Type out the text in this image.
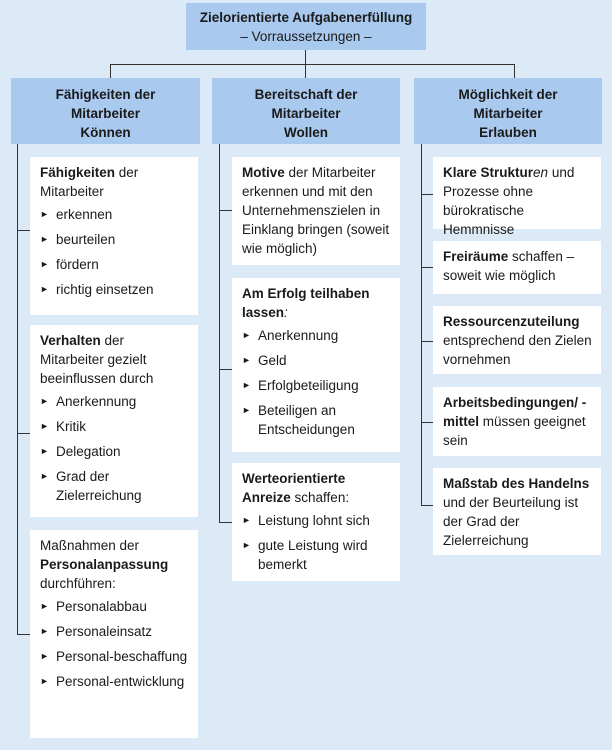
Zielorientierte Aufgabenerfüllung
– Vorraussetzungen –
Fähigkeiten der
Mitarbeiter
Können
Bereitschaft der
Mitarbeiter
Wollen
Möglichkeit der
Mitarbeiter
Erlauben
Fähigkeiten der Mitarbeiter
► erkennen
► beurteilen
► fördern
► richtig einsetzen
Verhalten der Mitarbeiter gezielt beeinflussen durch
► Anerkennung
► Kritik
► Delegation
► Grad der Zielerreichung
Maßnahmen der Personalanpassung durchführen:
► Personalabbau
► Personaleinsatz
► Personal-beschaffung
► Personal-entwicklung
Motive der Mitarbeiter erkennen und mit den Unternehmenszielen in Einklang bringen (soweit wie möglich)
Am Erfolg teilhaben lassen:
► Anerkennung
► Geld
► Erfolgbeteiligung
► Beteiligen an Entscheidungen
Werteorientierte Anreize schaffen:
► Leistung lohnt sich
► gute Leistung wird bemerkt
Klare Strukturen und Prozesse ohne bürokratische Hemmnisse
Freiräume schaffen – soweit wie möglich
Ressourcenzuteilung entsprechend den Zielen vornehmen
Arbeitsbedingungen/ -mittel müssen geeignet sein
Maßstab des Handelns und der Beurteilung ist der Grad der Zielerreichung
